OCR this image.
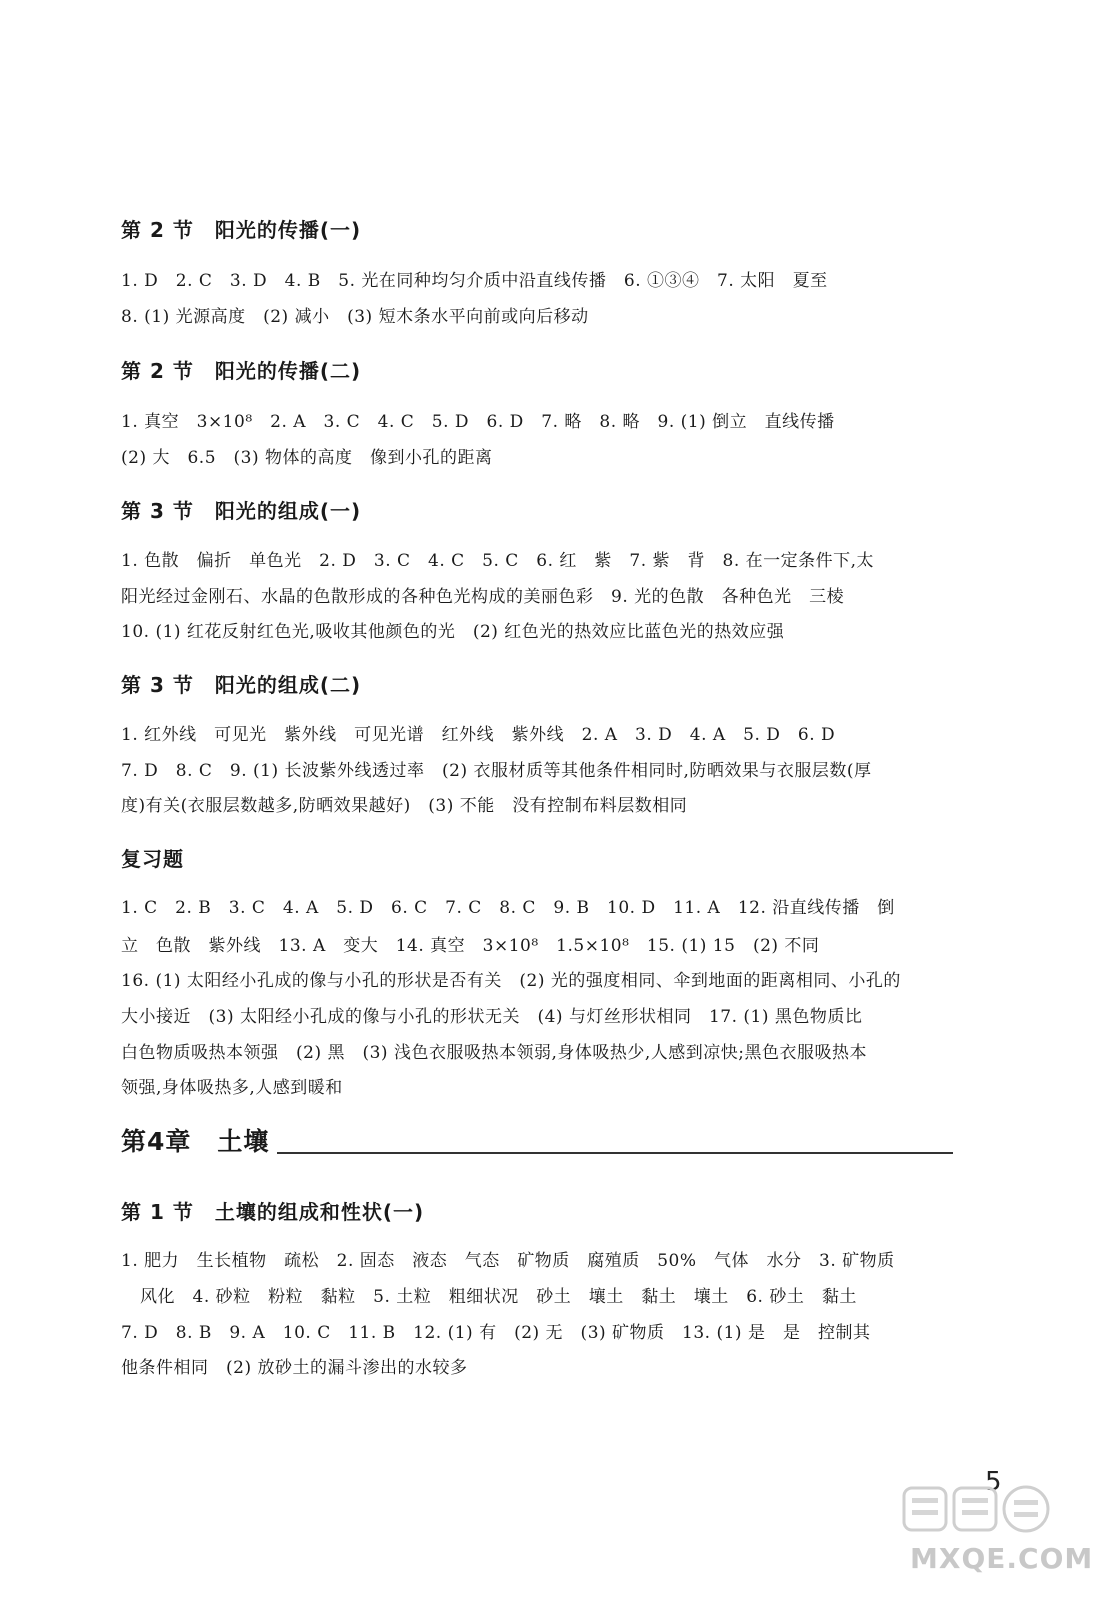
第 2 节　阳光的传播(一)

1. D　2. C　3. D　4. B　5. 光在同种均匀介质中沿直线传播　6. ①③④　7. 太阳　夏至

8. (1) 光源高度　(2) 减小　(3) 短木条水平向前或向后移动

第 2 节　阳光的传播(二)

1. 真空　3×10⁸　2. A　3. C　4. C　5. D　6. D　7. 略　8. 略　9. (1) 倒立　直线传播

(2) 大　6.5　(3) 物体的高度　像到小孔的距离

第 3 节　阳光的组成(一)

1. 色散　偏折　单色光　2. D　3. C　4. C　5. C　6. 红　紫　7. 紫　背　8. 在一定条件下,太

阳光经过金刚石、水晶的色散形成的各种色光构成的美丽色彩　9. 光的色散　各种色光　三棱

10. (1) 红花反射红色光,吸收其他颜色的光　(2) 红色光的热效应比蓝色光的热效应强

第 3 节　阳光的组成(二)

1. 红外线　可见光　紫外线　可见光谱　红外线　紫外线　2. A　3. D　4. A　5. D　6. D

7. D　8. C　9. (1) 长波紫外线透过率　(2) 衣服材质等其他条件相同时,防晒效果与衣服层数(厚

度)有关(衣服层数越多,防晒效果越好)　(3) 不能　没有控制布料层数相同

复习题

1. C　2. B　3. C　4. A　5. D　6. C　7. C　8. C　9. B　10. D　11. A　12. 沿直线传播　倒

立　色散　紫外线　13. A　变大　14. 真空　3×10⁸　1.5×10⁸　15. (1) 15　(2) 不同

16. (1) 太阳经小孔成的像与小孔的形状是否有关　(2) 光的强度相同、伞到地面的距离相同、小孔的

大小接近　(3) 太阳经小孔成的像与小孔的形状无关　(4) 与灯丝形状相同　17. (1) 黑色物质比

白色物质吸热本领强　(2) 黑　(3) 浅色衣服吸热本领弱,身体吸热少,人感到凉快;黑色衣服吸热本

领强,身体吸热多,人感到暖和

第4章　土壤
第 1 节　土壤的组成和性状(一)

1. 肥力　生长植物　疏松　2. 固态　液态　气态　矿物质　腐殖质　50%　气体　水分　3. 矿物质

风化　4. 砂粒　粉粒　黏粒　5. 土粒　粗细状况　砂土　壤土　黏土　壤土　6. 砂土　黏土

7. D　8. B　9. A　10. C　11. B　12. (1) 有　(2) 无　(3) 矿物质　13. (1) 是　是　控制其

他条件相同　(2) 放砂土的漏斗渗出的水较多

5
MXQE.COM
